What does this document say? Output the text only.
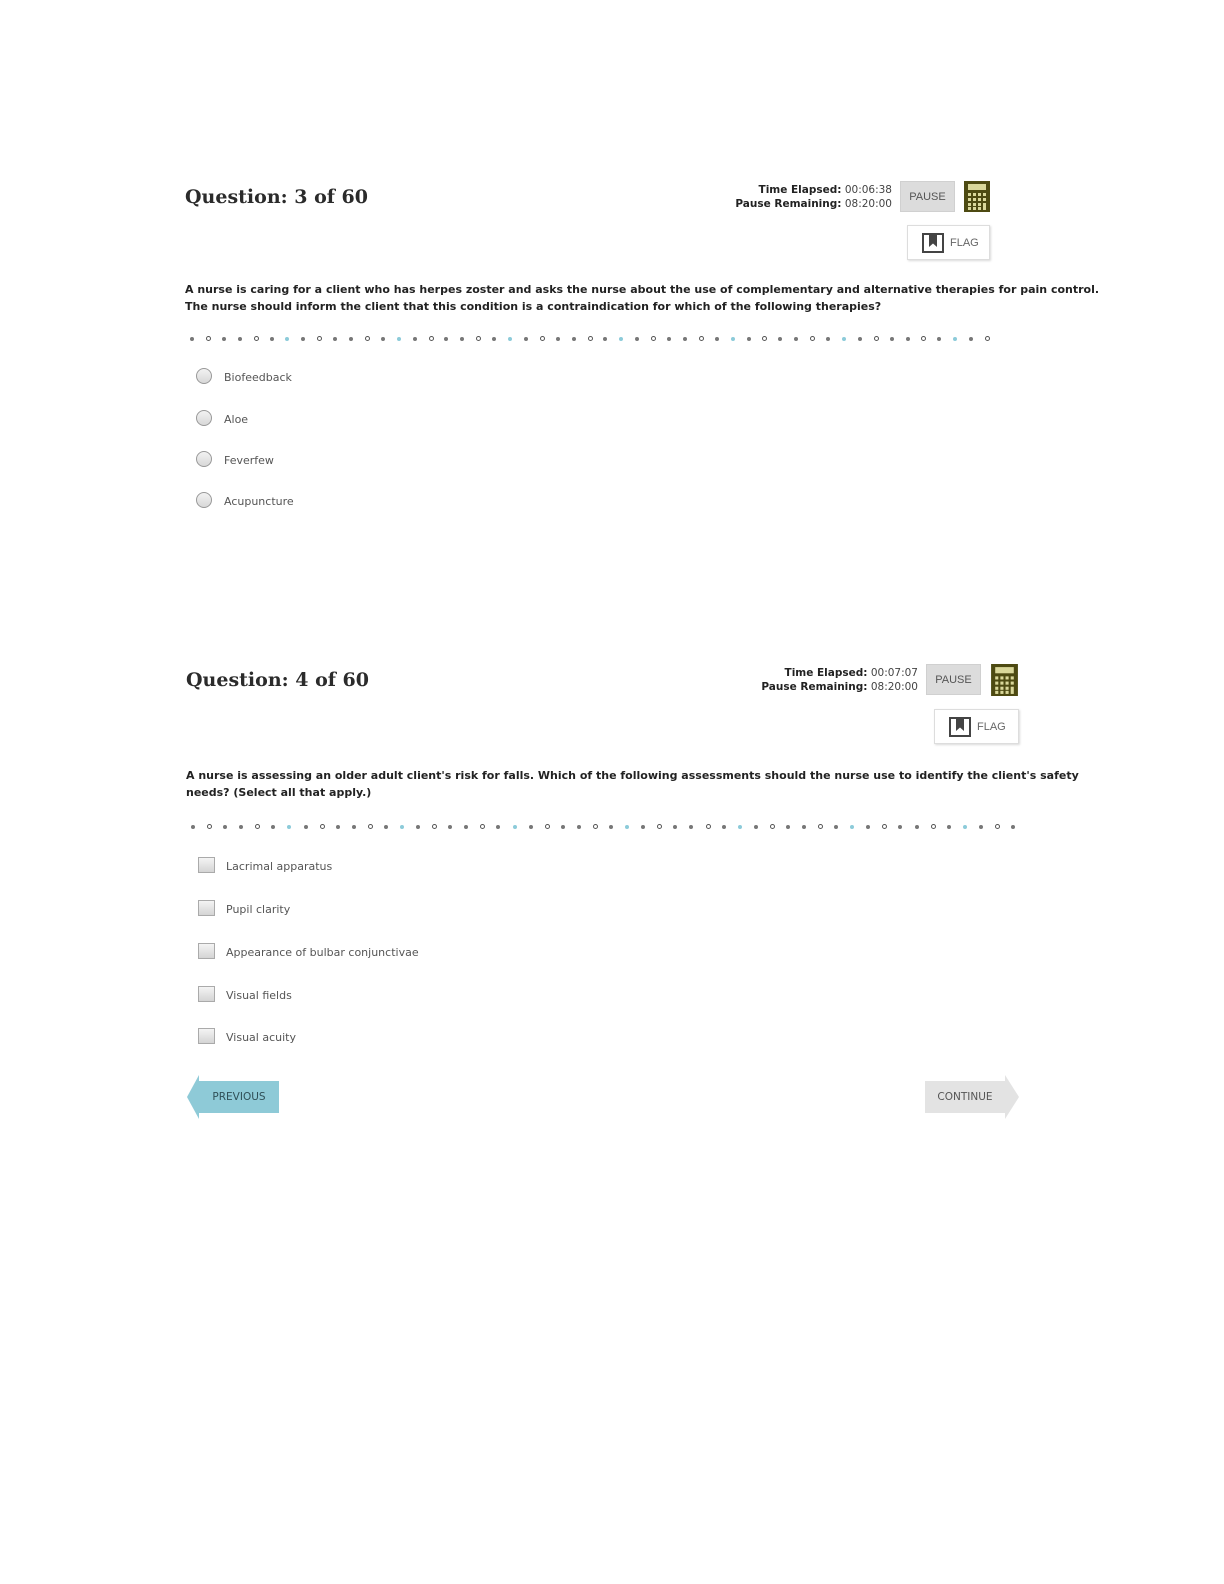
Question: 3 of 60	Time Elapsed: 00:06:38
Pause Remaining: 08:20:00
PAUSE
FLAG

A nurse is caring for a client who has herpes zoster and asks the nurse about the use of complementary and alternative therapies for pain control.
The nurse should inform the client that this condition is a contraindication for which of the following therapies?

Biofeedback
Aloe
Feverfew
Acupuncture
Question: 4 of 60	Time Elapsed: 00:07:07
Pause Remaining: 08:20:00
PAUSE
FLAG

A nurse is assessing an older adult client's risk for falls. Which of the following assessments should the nurse use to identify the client's safety
needs? (Select all that apply.)

Lacrimal apparatus
Pupil clarity
Appearance of bulbar conjunctivae
Visual fields
Visual acuity
PREVIOUS	CONTINUE
